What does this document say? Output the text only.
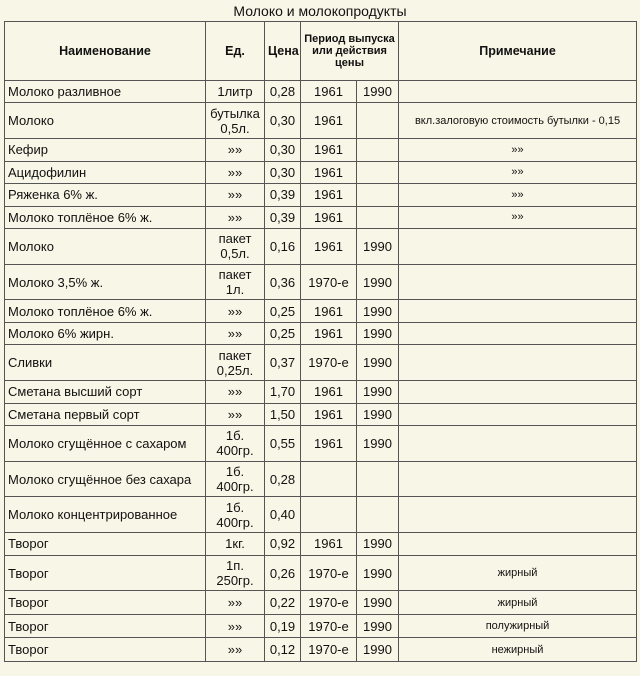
Молоко и молокопродукты
Наименование	Ед.	Цена	Период выпуска или действия цены		Примечание
Молоко разливное	1литр	0,28	1961	1990	
Молоко	бутылка 0,5л.	0,30	1961		вкл.залоговую стоимость бутылки - 0,15
Кефир	»»	0,30	1961		»»
Ацидофилин	»»	0,30	1961		»»
Ряженка 6% ж.	»»	0,39	1961		»»
Молоко топлёное 6% ж.	»»	0,39	1961		»»
Молоко	пакет 0,5л.	0,16	1961	1990	
Молоко 3,5% ж.	пакет 1л.	0,36	1970-е	1990	
Молоко топлёное 6% ж.	»»	0,25	1961	1990	
Молоко 6% жирн.	»»	0,25	1961	1990	
Сливки	пакет 0,25л.	0,37	1970-е	1990	
Сметана высший сорт	»»	1,70	1961	1990	
Сметана первый сорт	»»	1,50	1961	1990	
Молоко сгущённое с сахаром	1б. 400гр.	0,55	1961	1990	
Молоко сгущённое без сахара	1б. 400гр.	0,28			
Молоко концентрированное	1б. 400гр.	0,40			
Творог	1кг.	0,92	1961	1990	
Творог	1п. 250гр.	0,26	1970-е	1990	жирный
Творог	»»	0,22	1970-е	1990	жирный
Творог	»»	0,19	1970-е	1990	полужирный
Творог	»»	0,12	1970-е	1990	нежирный
